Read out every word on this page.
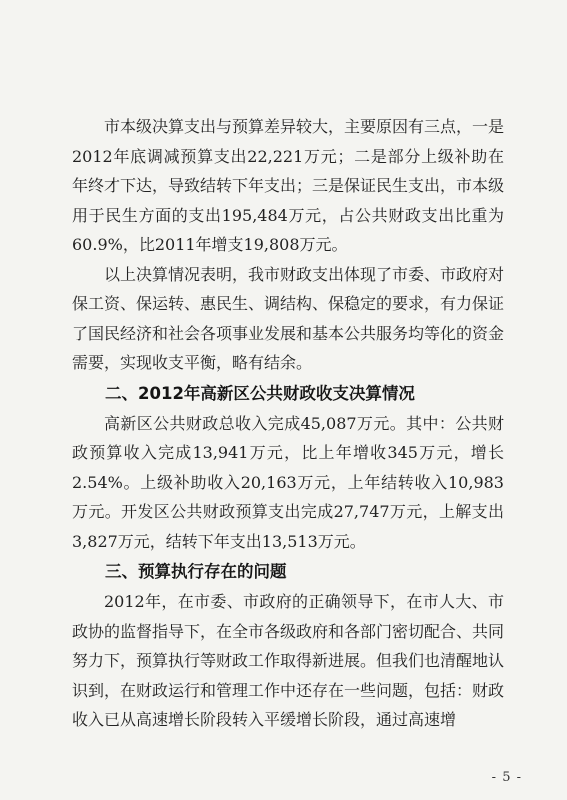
市本级决算支出与预算差异较大，主要原因有三点，一是2012年底调减预算支出22,221万元；二是部分上级补助在年终才下达，导致结转下年支出；三是保证民生支出，市本级用于民生方面的支出195,484万元，占公共财政支出比重为60.9%，比2011年增支19,808万元。

以上决算情况表明，我市财政支出体现了市委、市政府对保工资、保运转、惠民生、调结构、保稳定的要求，有力保证了国民经济和社会各项事业发展和基本公共服务均等化的资金需要，实现收支平衡，略有结余。

二、2012年高新区公共财政收支决算情况

高新区公共财政总收入完成45,087万元。其中：公共财政预算收入完成13,941万元，比上年增收345万元，增长2.54%。上级补助收入20,163万元，上年结转收入10,983万元。开发区公共财政预算支出完成27,747万元，上解支出3,827万元，结转下年支出13,513万元。

三、预算执行存在的问题

2012年，在市委、市政府的正确领导下，在市人大、市政协的监督指导下，在全市各级政府和各部门密切配合、共同努力下，预算执行等财政工作取得新进展。但我们也清醒地认识到，在财政运行和管理工作中还存在一些问题，包括：财政收入已从高速增长阶段转入平缓增长阶段，通过高速增

- 5 -
